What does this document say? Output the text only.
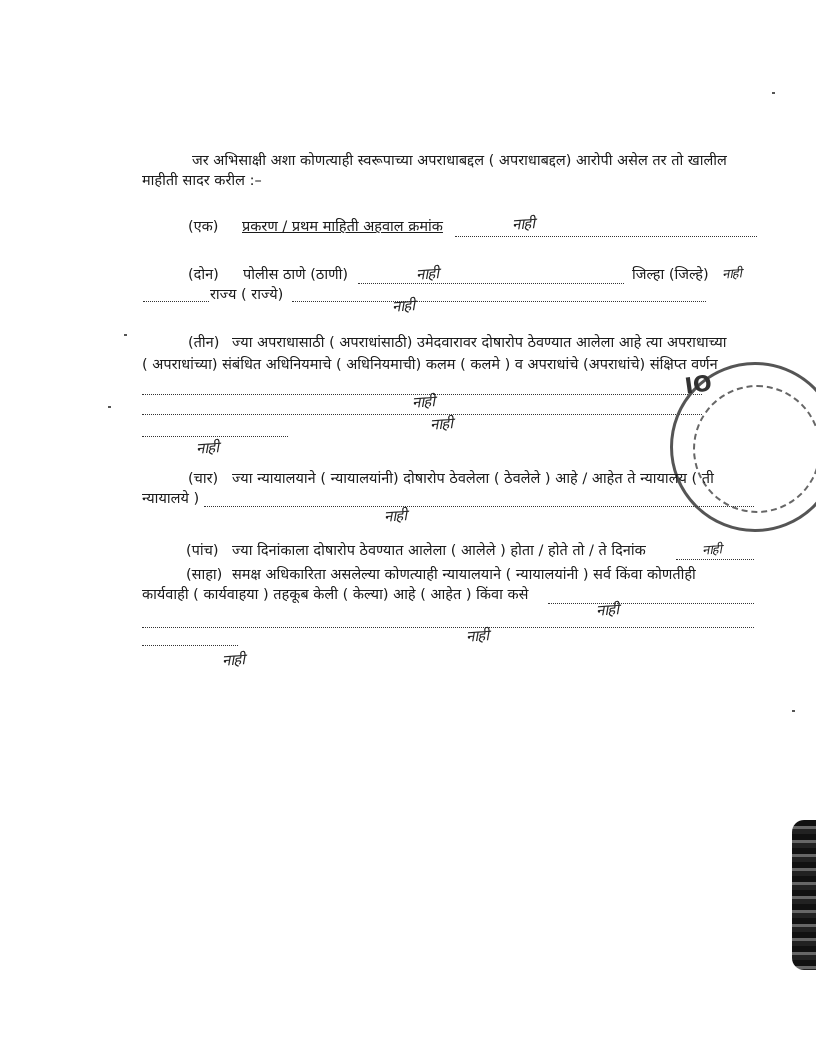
जर अभिसाक्षी अशा कोणत्याही स्वरूपाच्या अपराधाबद्दल ( अपराधाबद्दल) आरोपी असेल तर तो खालील

माहीती सादर करील :–

(एक) प्रकरण / प्रथम माहिती अहवाल क्रमांक	नाही

(दोन) पोलीस ठाणे (ठाणी)	नाही	जिल्हा (जिल्हे) नाही

राज्य ( राज्ये)

नाही

(तीन) ज्या अपराधासाठी ( अपराधांसाठी) उमेदवारावर दोषारोप ठेवण्यात आलेला आहे त्या अपराधाच्या

( अपराधांच्या) संबंधित अधिनियमाचे ( अधिनियमाची) कलम ( कलमे ) व अपराधांचे (अपराधांचे) संक्षिप्त वर्णन

नाही
नाही
नाही
IO

(चार) ज्या न्यायालयाने ( न्यायालयांनी) दोषारोप ठेवलेला ( ठेवलेले ) आहे / आहेत ते न्यायालय ( ती

न्यायालये )

नाही

(पांच) ज्या दिनांकाला दोषारोप ठेवण्यात आलेला ( आलेले ) होता / होते तो / ते दिनांक	नाही

(साहा) समक्ष अधिकारिता असलेल्या कोणत्याही न्यायालयाने ( न्यायालयांनी ) सर्व किंवा कोणतीही

कार्यवाही ( कार्यवाहया ) तहकूब केली ( केल्या) आहे ( आहेत ) किंवा कसे

नाही
नाही
नाही
